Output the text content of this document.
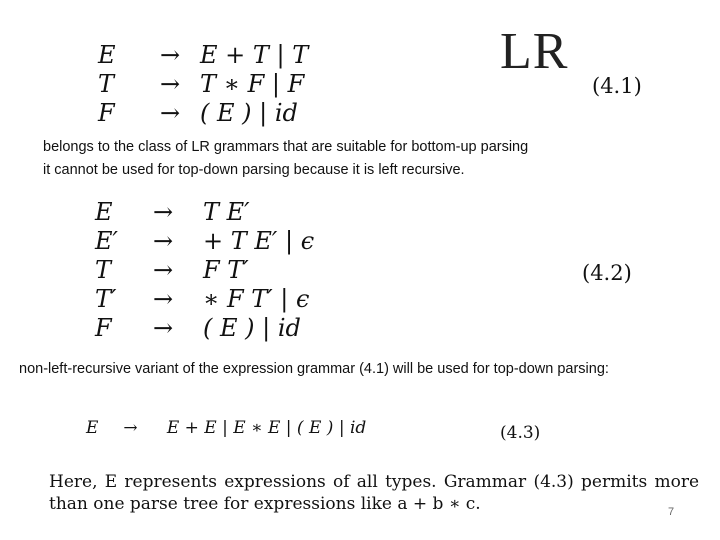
E	→	E + T | T
T	→	T ∗ F | F
F	→	( E ) | id
LR
(4.1)
belongs to the class of LR grammars that are suitable for bottom-up parsing
it cannot be used for top-down parsing because it is left recursive.
E	→	T E′
E′	→	+ T E′ | ϵ
T	→	F T′
T′	→	∗ F T′ | ϵ
F	→	( E ) | id
(4.2)
non-left-recursive variant of the expression grammar (4.1) will be used for top-down parsing:
E → E + E | E ∗ E | ( E ) | id	(4.3)
Here, E represents expressions of all types. Grammar (4.3) permits more than one parse tree for expressions like a + b ∗ c.	7
